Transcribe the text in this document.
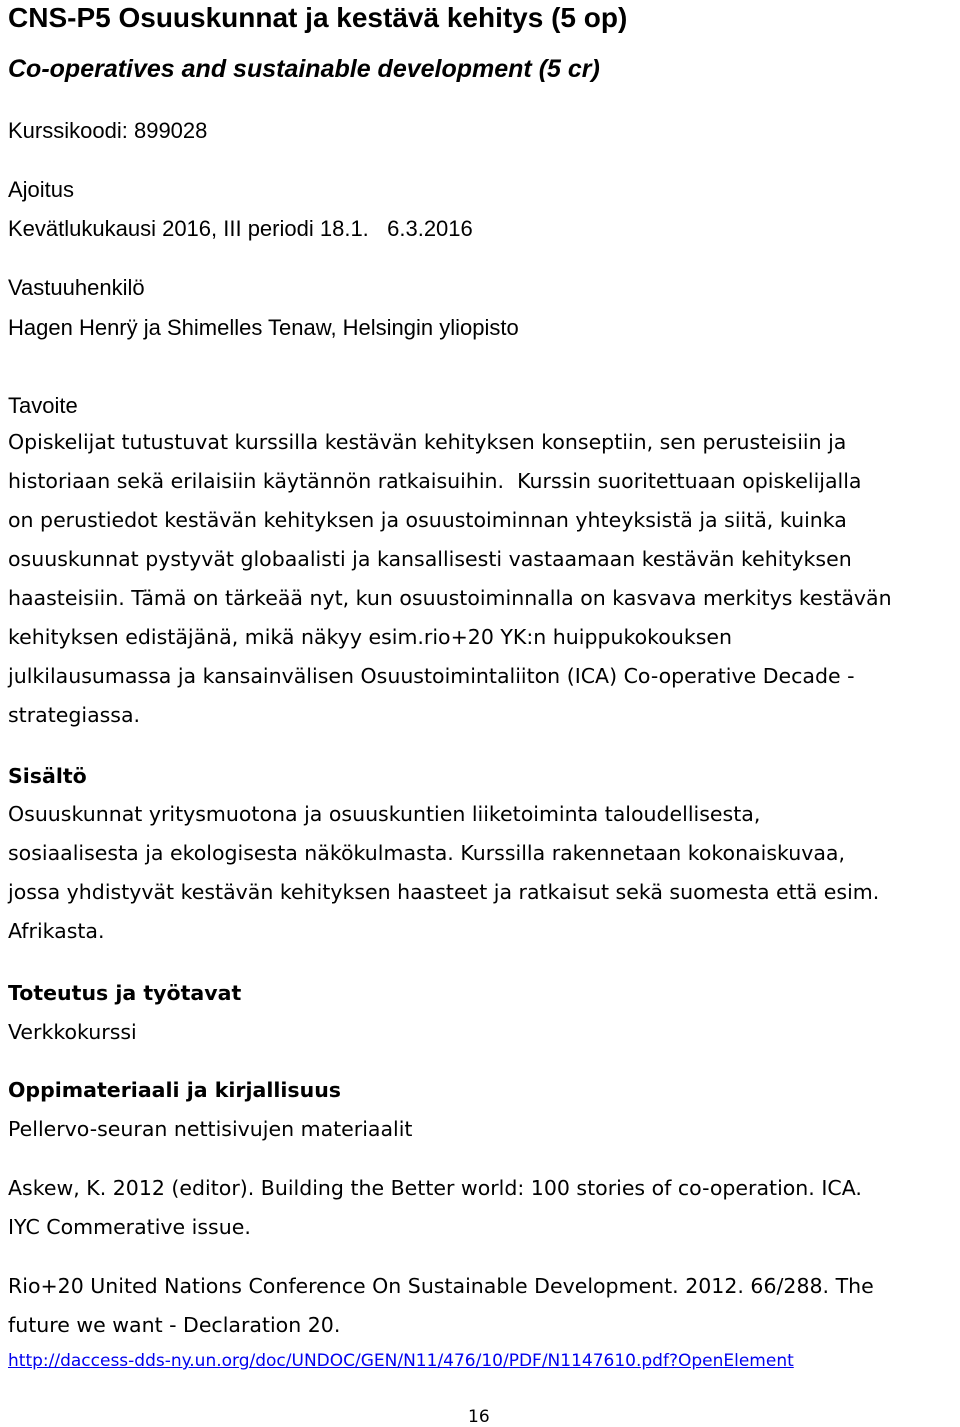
CNS-P5 Osuuskunnat ja kestävä kehitys (5 op)
Co-operatives and sustainable development (5 cr)
Kurssikoodi: 899028
Ajoitus
Kevätlukukausi 2016, III periodi 18.1.   6.3.2016
Vastuuhenkilö
Hagen Henrÿ ja Shimelles Tenaw, Helsingin yliopisto
Tavoite
Opiskelijat tutustuvat kurssilla kestävän kehityksen konseptiin, sen perusteisiin ja
historiaan sekä erilaisiin käytännön ratkaisuihin.  Kurssin suoritettuaan opiskelijalla
on perustiedot kestävän kehityksen ja osuustoiminnan yhteyksistä ja siitä, kuinka
osuuskunnat pystyvät globaalisti ja kansallisesti vastaamaan kestävän kehityksen
haasteisiin. Tämä on tärkeää nyt, kun osuustoiminnalla on kasvava merkitys kestävän
kehityksen edistäjänä, mikä näkyy esim.rio+20 YK:n huippukokouksen
julkilausumassa ja kansainvälisen Osuustoimintaliiton (ICA) Co-operative Decade -
strategiassa.
Sisältö
Osuuskunnat yritysmuotona ja osuuskuntien liiketoiminta taloudellisesta,
sosiaalisesta ja ekologisesta näkökulmasta. Kurssilla rakennetaan kokonaiskuvaa,
jossa yhdistyvät kestävän kehityksen haasteet ja ratkaisut sekä suomesta että esim.
Afrikasta.
Toteutus ja työtavat
Verkkokurssi
Oppimateriaali ja kirjallisuus
Pellervo-seuran nettisivujen materiaalit
Askew, K. 2012 (editor). Building the Better world: 100 stories of co-operation. ICA.
IYC Commerative issue.
Rio+20 United Nations Conference On Sustainable Development. 2012. 66/288. The
future we want - Declaration 20.
http://daccess-dds-ny.un.org/doc/UNDOC/GEN/N11/476/10/PDF/N1147610.pdf?OpenElement
16
